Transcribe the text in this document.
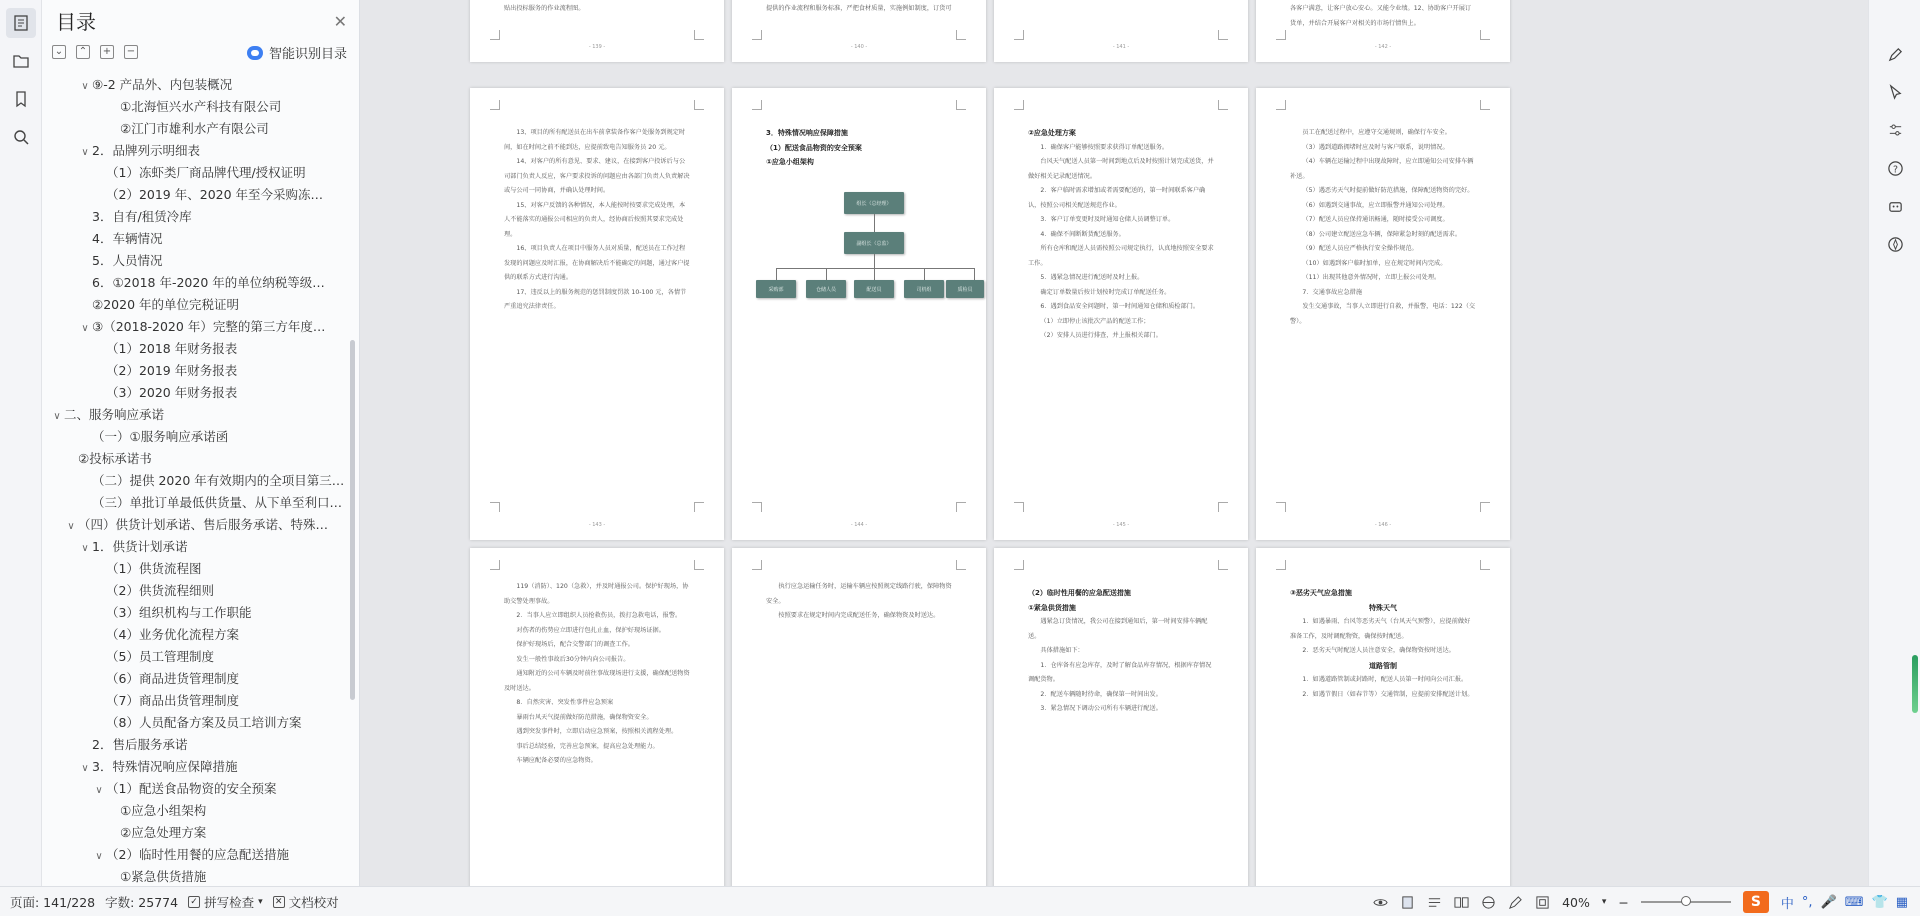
目录	✕
⌄ ⌃ + −	智能识别目录
∨ ⑨-2 产品外、内包装概况
①北海恒兴水产科技有限公司
②江门市雄利水产有限公司
∨ 2．品牌列示明细表
（1）冻虾类厂商品牌代理/授权证明
（2）2019 年、2020 年至今采购冻…
3．自有/租赁冷库
4．车辆情况
5．人员情况
6．①2018 年-2020 年的单位纳税等级…
②2020 年的单位完税证明
∨ ③（2018-2020 年）完整的第三方年度…
（1）2018 年财务报表
（2）2019 年财务报表
（3）2020 年财务报表
∨ 二、服务响应承诺
（一）①服务响应承诺函
②投标承诺书
（二）提供 2020 年有效期内的全项目第三…
（三）单批订单最低供货量、从下单至利口…
∨ （四）供货计划承诺、售后服务承诺、特殊…
∨ 1．供货计划承诺
（1）供货流程图
（2）供货流程细则
（3）组织机构与工作职能
（4）业务优化流程方案
（5）员工管理制度
（6）商品进货管理制度
（7）商品出货管理制度
（8）人员配备方案及员工培训方案
2．售后服务承诺
∨ 3．特殊情况响应保障措施
∨ （1）配送食品物资的安全预案
①应急小组架构
②应急处理方案
∨ （2）临时性用餐的应急配送措施
①紧急供货措施
贴出投标服务的作业流程图。
- 139 -
提供的作业流程和服务标准，严把食材质量，实施例如制度，订货可
- 140 -	- 141 -
各客户满意，让客户放心安心。又能令业绩。12、协助客户开展订货单，并结合开展客户对相关的市场行情售上。
- 142 -

13、项目的所有配送员在出车前拿装备作客户处服务到规定时间，如在时间之前不能到达，应提前致电告知服务员 20 元。

14、对客户的所有意见、要求、建议，在接到客户投诉后与公司部门负责人反应，客户要求投诉的问题应由各部门负责人负责解决或与公司一同协商，并确认处理时间。

15、对客户反馈的各种情况，本人能按时按要求完成处理，本人不能落实的通报公司相应的负责人，经协商后按照其要求完成处理。

16、项目负责人在项目中服务人员对质量，配送员在工作过程发现的问题应及时汇报，在协商解决后不能确定的问题，通过客户提供的联系方式进行沟通。

17、违反以上的服务规范的惩罚制度罚款 10-100 元，各情节严重追究法律责任。

- 143 -

3．特殊情况响应保障措施

（1）配送食品物资的安全预案

①应急小组架构

组长（总经理）
副组长（总监）
采购部	仓储人员	配送员	司机组	质检员
- 144 -

②应急处理方案

1．确保客户能够按照要求获得订单配送服务。

台风天气配送人员第一时间到地点后及时按照计划完成送货，并做好相关记录配送情况。

2．客户临时需求增加或者需要配送的，第一时间联系客户确认，按照公司相关配送规范作业。

3．客户订单变更时及时通知仓储人员调整订单。

4．确保不间断断货配送服务。

所有仓库和配送人员需按照公司规定执行，认真地按照安全要求工作。

5．遇紧急情况进行配送时及时上报。

确定订单数量后按计划按时完成订单配送任务。

6．遇到食品安全问题时，第一时间通知仓储和质检部门。

（1）立即停止该批次产品的配送工作；

（2）安排人员进行排查，并上报相关部门。

- 145 -

员工在配送过程中，应遵守交通规则，确保行车安全。

（3）遇到道路拥堵时应及时与客户联系，说明情况。

（4）车辆在运输过程中出现故障时，应立即通知公司安排车辆补送。

（5）遇恶劣天气时提前做好防范措施，保障配送物资的完好。

（6）如遇到交通事故，应立即报警并通知公司处理。

（7）配送人员应保持通讯畅通，随时接受公司调度。

（8）公司建立配送应急车辆，保障紧急时刻的配送需求。

（9）配送人员应严格执行安全操作规范。

（10）如遇到客户临时加单，应在规定时间内完成。

（11）出现其他意外情况时，立即上报公司处理。

7．交通事故应急措施

发生交通事故，当事人立即进行自救，并报警，电话：122（交警）。

- 146 -

119（消防）、120（急救），并及时通报公司。保护好现场，协助交警处理事故。

2．当事人应立即组织人员抢救伤员，拨打急救电话，报警。

对伤者的伤势应立即进行包扎止血，保护好现场证据。

保护好现场后，配合交警部门的调查工作。

发生一般性事故后30分钟内向公司报告。

通知附近的公司车辆及时前往事故现场进行支援，确保配送物资及时送达。

8．自然灾害、突发性事件应急预案

暴雨台风天气提前做好防范措施，确保物资安全。

遇到突发事件时，立即启动应急预案，按照相关流程处理。

事后总结经验，完善应急预案，提高应急处理能力。

车辆应配备必要的应急物资。

执行应急运输任务时，运输车辆应按照规定线路行驶，保障物资安全。

按照要求在规定时间内完成配送任务，确保物资及时送达。

（2）临时性用餐的应急配送措施

①紧急供货措施

遇紧急订货情况，我公司在接到通知后，第一时间安排车辆配送。

具体措施如下：

1．仓库备有应急库存，及时了解食品库存情况，根据库存情况调配货物。

2．配送车辆随时待命，确保第一时间出发。

3．紧急情况下调动公司所有车辆进行配送。

③恶劣天气应急措施

特殊天气

1．如遇暴雨、台风等恶劣天气（台风天气预警），应提前做好准备工作，及时调配物资，确保按时配送。

2．恶劣天气时配送人员注意安全，确保物资按时送达。

道路管制

1．如遇道路管制或封路时，配送人员第一时间向公司汇报。

2．如遇节假日（如春节等）交通管制，应提前安排配送计划。

?
页面: 141/228 字数: 25774 ✓ 拼写检查 ▾ ✕ 文档校对	40% ▾ −	S	中 °, 🎤 ⌨ 👕 ▦
